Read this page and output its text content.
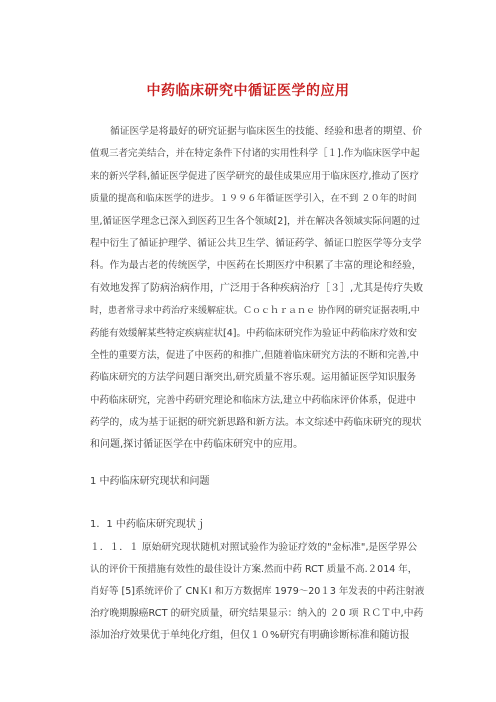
中药临床研究中循证医学的应用
循证医学是将最好的研究证据与临床医生的技能、经验和患者的期望、价
值观三者完美结合，并在特定条件下付诸的实用性科学［１].作为临床医学中起
来的新兴学科,循证医学促进了医学研究的最佳成果应用于临床医疗,推动了医疗
质量的提高和临床医学的进步。１９９６年循证医学引入，在不到 ２０年的时间
里,循证医学理念已深入到医药卫生各个领域[2]，并在解决各领域实际问题的过
程中衍生了循证护理学、循证公共卫生学、循证药学、循证口腔医学等分支学
科。作为最古老的传统医学，中医药在长期医疗中积累了丰富的理论和经验，
有效地发挥了防病治病作用，广泛用于各种疾病治疗［３］,尤其是传疗失败
时，患者常寻求中药治疗来缓解症状。Ｃｏｃｈｒａｎｅ 协作网的研究证据表明,中
药能有效缓解某些特定疾病症状[4]。中药临床研究作为验证中药临床疗效和安
全性的重要方法，促进了中医药的和推广,但随着临床研究方法的不断和完善,中
药临床研究的方法学问题日渐突出,研究质量不容乐观。运用循证医学知识服务
中药临床研究，完善中药研究理论和临床方法,建立中药临床评价体系，促进中
药学的，成为基于证据的研究新思路和新方法。本文综述中药临床研究的现状
和问题,探讨循证医学在中药临床研究中的应用。
1 中药临床研究现状和问题
1．1 中药临床研究现状ｊ
１．１．１ 原始研究现状随机对照试验作为验证疗效的"金标准",是医学界公
认的评价干预措施有效性的最佳设计方案.然而中药 RCT 质量不高.２014 年，
肖好等 [5]系统评价了 CNＫI 和万方数据库 1979～20１3 年发表的中药注射液
治疗晚期腺癌RCT 的研究质量，研究结果显示：纳入的 ２0 项 ＲＣＴ中,中药
添加治疗效果优于单纯化疗组，但仅１０%研究有明确诊断标准和随访报
